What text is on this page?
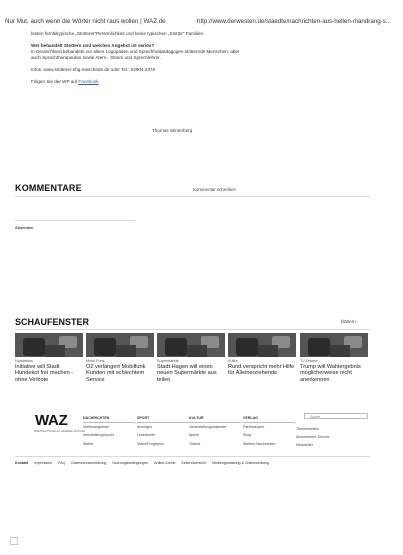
Nur Mut, auch wenn die Wörter nicht raus wollen | WAZ.de	http://www.derwesten.de/staedte/nachrichten-aus-hellen-mandrang-s...

bieten fernhiltypische „Stotterer“Persönlichkeit und keine typischen „Stotter“ Familien.

Wer behandelt Stottern und welches Angebot ist seriös?

In Deutschland behandeln vor allem Logopäden und Sprachheilpädagogen stotternde Menschen, aber auch Sprachtherapeuten sowie Atem-, Stimm und Sprechlehrer.

Infos: www.stotterer-shg-meschede.de oder Tel.: 02904 2376

Folgen Sie der WP auf Facebook.

Thomas Winterberg
KOMMENTARE	Kommentar schreiben
Absenden
SCHAUFENSTER	blättern
Hundebiss
Initiative will Stadt Hundekot frei machen - ohne Verbote
Mobil Funk
O2 verlängert Mobilfunk Kunden mit schlechtem Service
Supermärkte
Stadt Hagen will einen neuen Supermärkte aus teilen
Kultur
Rund verspricht mehr Hilfe für Alleinerziehende
TV-Drama
Trump will Wahlergebnis möglicherweise nicht anerkennen
WAZ
WESTDEUTSCHE ALLGEMEINE ZEITUNG
NACHRICHTEN
Stellenangebote
Immobilien/gesucht
Wetter
SPORT
Anzeigen
Leserbriefe
Video/Programm
KULTUR
Veranstaltungskalender
Spiele
Tickets
VERLAG
Partnersuche
Shop
Weitere Nachrichten
Suche
Themenseiten
Abonnement-Service
Newsletter
Kontakt Impressum FAQ Datenschutzerklärung Nutzungsbedingungen Artikel-Archiv Seitenübersicht Mediengestaltung & Onlinewerbung
